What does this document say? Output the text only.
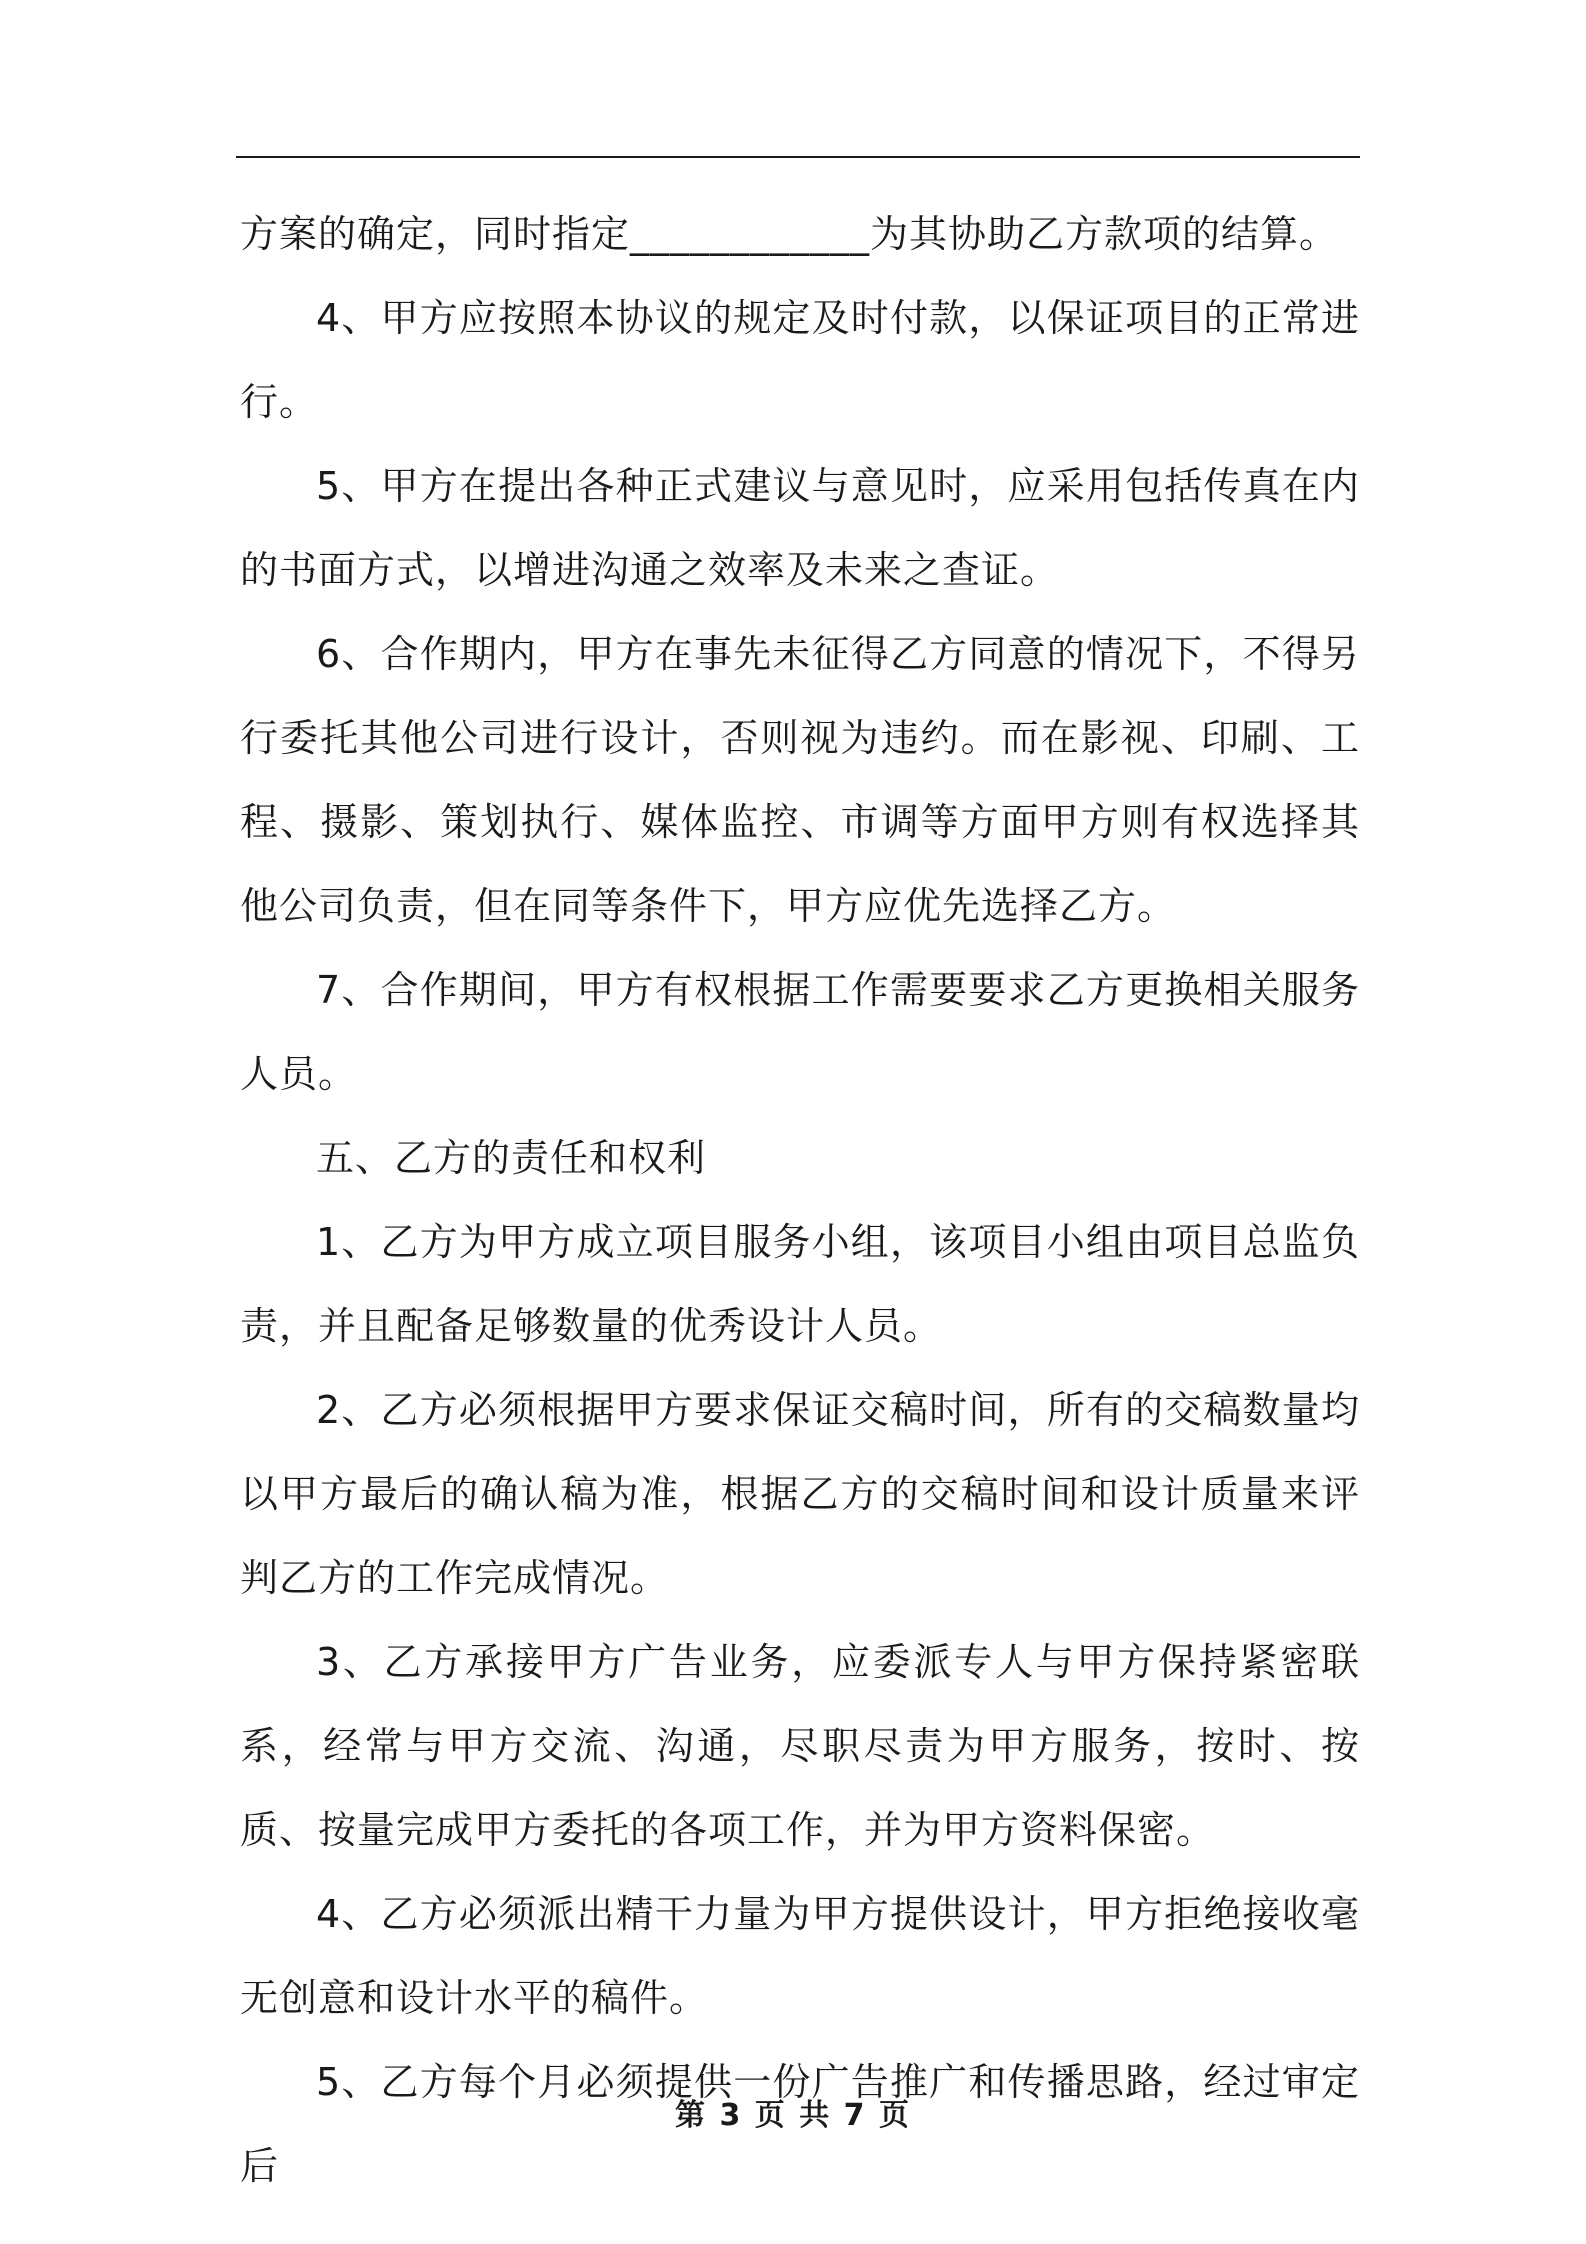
方案的确定，同时指定____________为其协助乙方款项的结算。

4、甲方应按照本协议的规定及时付款，以保证项目的正常进行。

5、甲方在提出各种正式建议与意见时，应采用包括传真在内的书面方式，以增进沟通之效率及未来之查证。

6、合作期内，甲方在事先未征得乙方同意的情况下，不得另行委托其他公司进行设计，否则视为违约。而在影视、印刷、工程、摄影、策划执行、媒体监控、市调等方面甲方则有权选择其他公司负责，但在同等条件下，甲方应优先选择乙方。

7、合作期间，甲方有权根据工作需要要求乙方更换相关服务人员。

五、乙方的责任和权利

1、乙方为甲方成立项目服务小组，该项目小组由项目总监负责，并且配备足够数量的优秀设计人员。

2、乙方必须根据甲方要求保证交稿时间，所有的交稿数量均以甲方最后的确认稿为准，根据乙方的交稿时间和设计质量来评判乙方的工作完成情况。

3、乙方承接甲方广告业务，应委派专人与甲方保持紧密联系，经常与甲方交流、沟通，尽职尽责为甲方服务，按时、按质、按量完成甲方委托的各项工作，并为甲方资料保密。

4、乙方必须派出精干力量为甲方提供设计，甲方拒绝接收毫无创意和设计水平的稿件。

5、乙方每个月必须提供一份广告推广和传播思路，经过审定后

第 3 页 共 7 页
